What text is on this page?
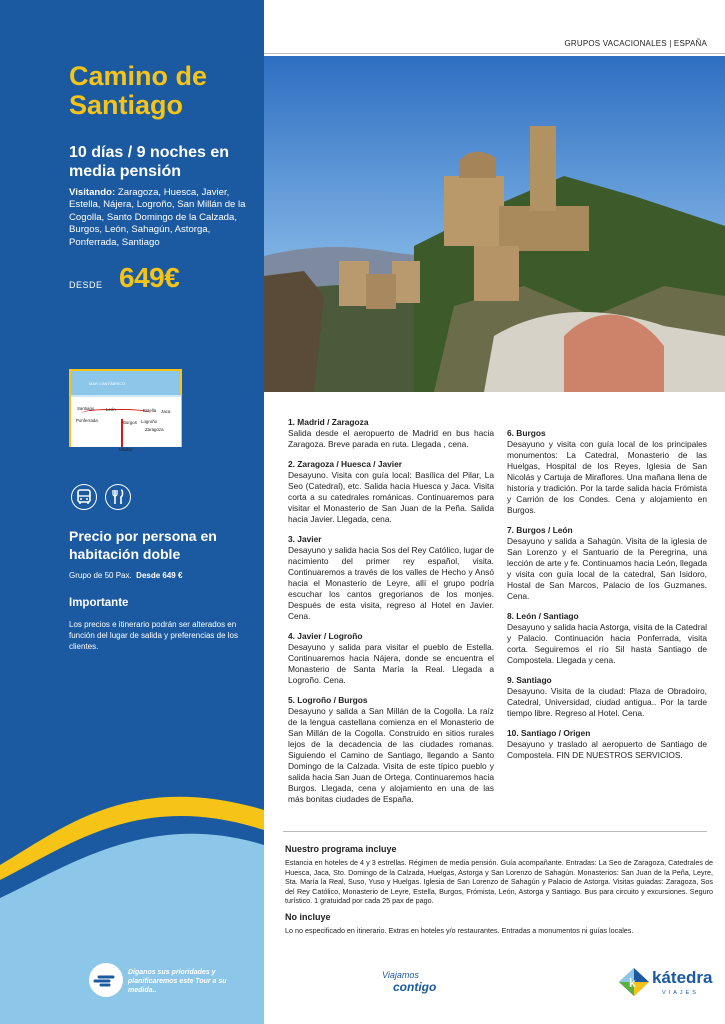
Camino de Santiago
10 días / 9 noches en media pensión
Visitando: Zaragoza, Huesca, Javier, Estella, Nájera, Logroño, San Millán de la Cogolla, Santo Domingo de la Calzada, Burgos, León, Sahagún, Astorga, Ponferrada, Santiago
DESDE 649€
MAR CANTÁBRICO
Santiago	León	Estella Jaca
Ponferrada	Burgos Logroño
Zaragoza
Madrid
Precio por persona en habitación doble
Grupo de 50 Pax. Desde 649 €
Importante
Los precios e itinerario podrán ser alterados en función del lugar de salida y preferencias de los clientes.
Díganos sus prioridades y planificaremos este Tour a su medida..
GRUPOS VACACIONALES | ESPAÑA
1. Madrid / Zaragoza
Salida desde el aeropuerto de Madrid en bus hacia Zaragoza. Breve parada en ruta. Llegada , cena.
2. Zaragoza / Huesca / Javier
Desayuno. Visita con guía local: Basílica del Pilar, La Seo (Catedral), etc. Salida hacia Huesca y Jaca. Visita corta a su catedrales románicas. Continuaremos para visitar el Monasterio de San Juan de la Peña. Salida hacia Javier. Llegada, cena.
3. Javier
Desayuno y salida hacia Sos del Rey Católico, lugar de nacimiento del primer rey español, visita. Continuaremos a través de los valles de Hecho y Ansó hacia el Monasterio de Leyre, allí el grupo podría escuchar los cantos gregorianos de los monjes. Después de esta visita, regreso al Hotel en Javier. Cena.
4. Javier / Logroño
Desayuno y salida para visitar el pueblo de Estella. Continuaremos hacia Nájera, donde se encuentra el Monasterio de Santa María la Real. Llegada a Logroño. Cena.
5. Logroño / Burgos
Desayuno y salida a San Millán de la Cogolla. La raíz de la lengua castellana comienza en el Monasterio de San Millán de la Cogolla. Construido en sitios rurales lejos de la decadencia de las ciudades romanas. Siguiendo el Camino de Santiago, llegando a Santo Domingo de la Calzada. Visita de este típico pueblo y salida hacia San Juan de Ortega. Continuaremos hacia Burgos. Llegada, cena y alojamiento en una de las más bonitas ciudades de España.
6. Burgos
Desayuno y visita con guía local de los principales monumentos: La Catedral, Monasterio de las Huelgas, Hospital de los Reyes, Iglesia de San Nicolás y Cartuja de Miraflores. Una mañana llena de historia y tradición. Por la tarde salida hacia Frómista y Carrión de los Condes. Cena y alojamiento en Burgos.
7. Burgos / León
Desayuno y salida a Sahagún. Visita de la iglesia de San Lorenzo y el Santuario de la Peregrina, una lección de arte y fe. Continuamos hacia León, llegada y visita con guía local de la catedral, San Isidoro, Hostal de San Marcos, Palacio de los Guzmanes. Cena.
8. León / Santiago
Desayuno y salida hacia Astorga, visita de la Catedral y Palacio. Continuación hacia Ponferrada, visita corta. Seguiremos el río Sil hasta Santiago de Compostela. Llegada y cena.
9. Santiago
Desayuno. Visita de la ciudad: Plaza de Obradoiro, Catedral, Universidad, ciudad antigua.. Por la tarde tiempo libre. Regreso al Hotel. Cena.
10. Santiago / Origen
Desayuno y traslado al aeropuerto de Santiago de Compostela. FIN DE NUESTROS SERVICIOS.
Nuestro programa incluye
Estancia en hoteles de 4 y 3 estrellas. Régimen de media pensión. Guía acompañante. Entradas: La Seo de Zaragoza, Catedrales de Huesca, Jaca, Sto. Domingo de la Calzada, Huelgas, Astorga y San Lorenzo de Sahagún. Monasterios: San Juan de la Peña, Leyre, Sta. María la Real, Suso, Yuso y Huelgas. Iglesia de San Lorenzo de Sahagún y Palacio de Astorga. Visitas guiadas: Zaragoza, Sos del Rey Católico, Monasterio de Leyre, Estella, Burgos, Frómista, León, Astorga y Santiago. Bus para circuito y excursiones. Seguro turístico. 1 gratuidad por cada 25 pax de pago.
No incluye
Lo no especificado en itinerario. Extras en hoteles y/o restaurantes. Entradas a monumentos ni guías locales.
Viajamos
contigo	k kátedra
VIAJES
